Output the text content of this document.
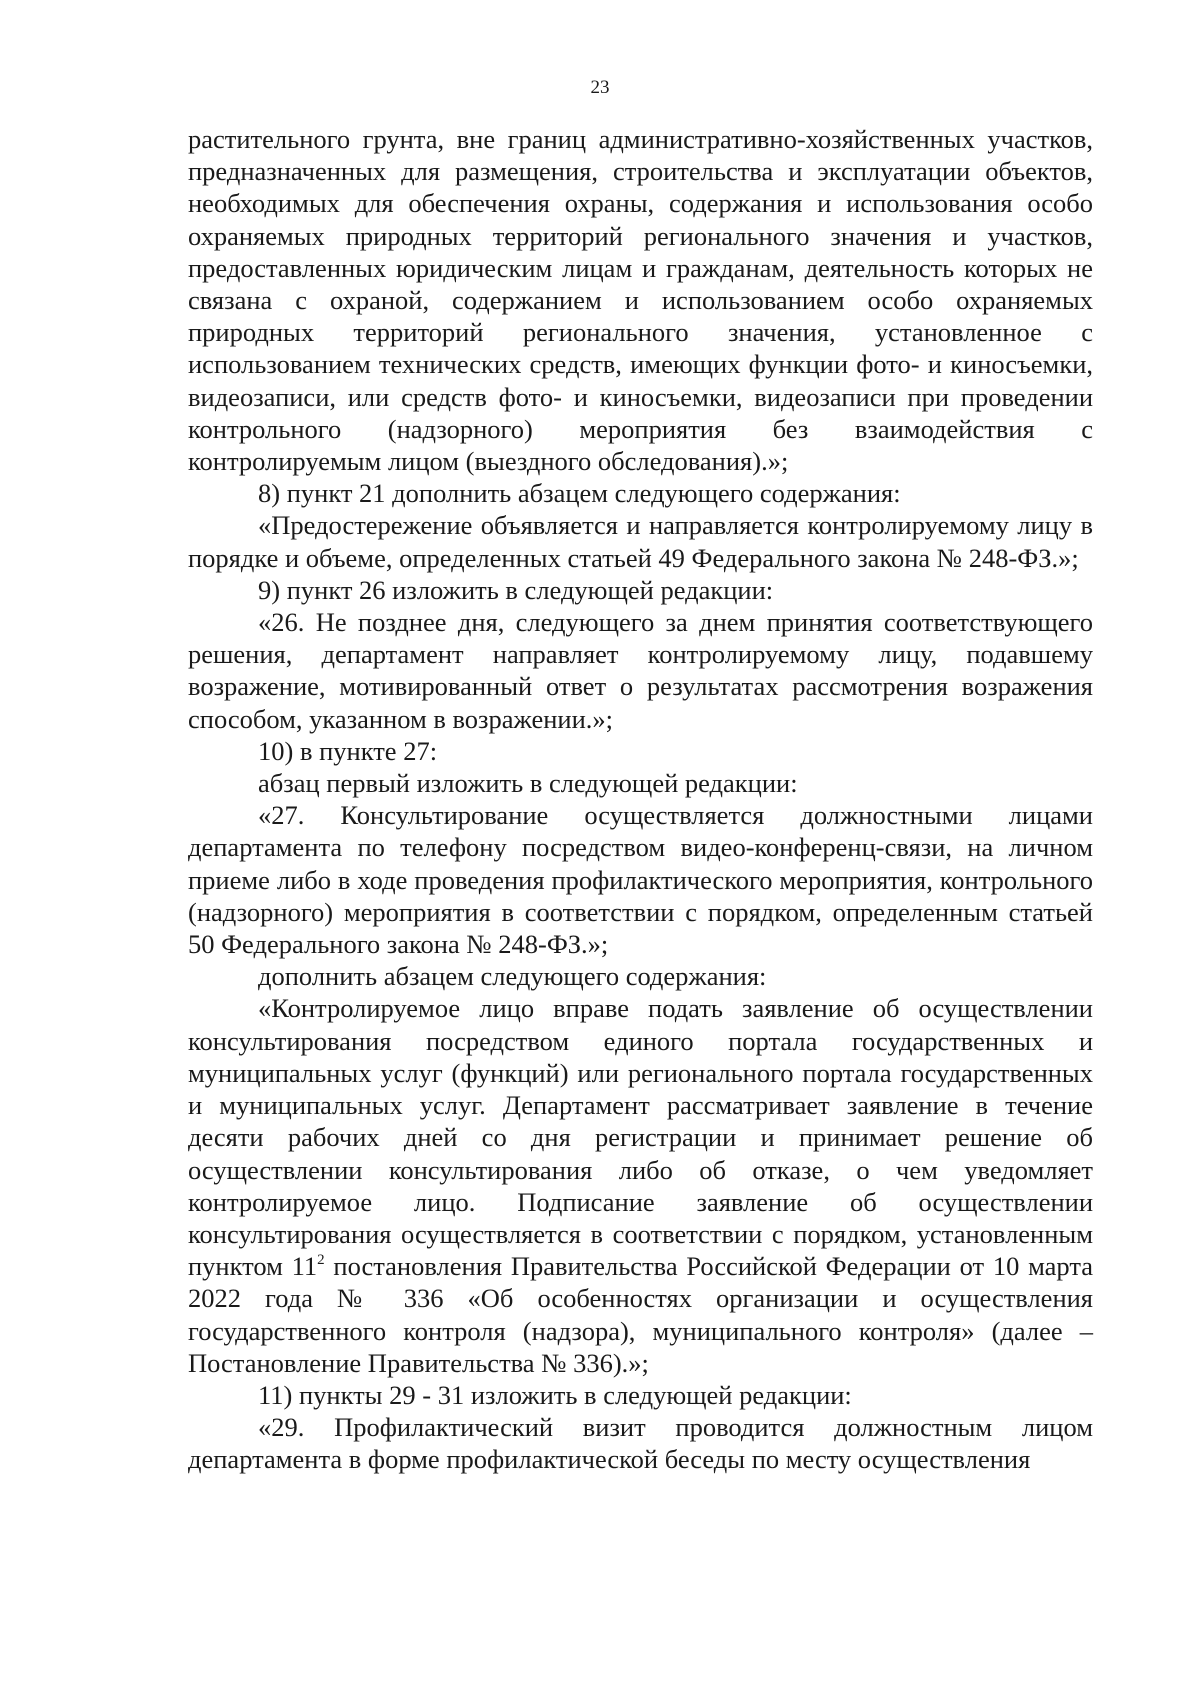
23

растительного грунта, вне границ административно-хозяйственных участков, предназначенных для размещения, строительства и эксплуатации объектов, необходимых для обеспечения охраны, содержания и использования особо охраняемых природных территорий регионального значения и участков, предоставленных юридическим лицам и гражданам, деятельность которых не связана с охраной, содержанием и использованием особо охраняемых природных территорий регионального значения, установленное с использованием технических средств, имеющих функции фото- и киносъемки, видеозаписи, или средств фото- и киносъемки, видеозаписи при проведении контрольного (надзорного) мероприятия без взаимодействия с контролируемым лицом (выездного обследования).»;

8) пункт 21 дополнить абзацем следующего содержания:

«Предостережение объявляется и направляется контролируемому лицу в порядке и объеме, определенных статьей 49 Федерального закона № 248-ФЗ.»;

9) пункт 26 изложить в следующей редакции:

«26. Не позднее дня, следующего за днем принятия соответствующего решения, департамент направляет контролируемому лицу, подавшему возражение, мотивированный ответ о результатах рассмотрения возражения способом, указанном в возражении.»;

10) в пункте 27:

абзац первый изложить в следующей редакции:

«27. Консультирование осуществляется должностными лицами департамента по телефону посредством видео-конференц-связи, на личном приеме либо в ходе проведения профилактического мероприятия, контрольного (надзорного) мероприятия в соответствии с порядком, определенным статьей 50 Федерального закона № 248-ФЗ.»;

дополнить абзацем следующего содержания:

«Контролируемое лицо вправе подать заявление об осуществлении консультирования посредством единого портала государственных и муниципальных услуг (функций) или регионального портала государственных и муниципальных услуг. Департамент рассматривает заявление в течение десяти рабочих дней со дня регистрации и принимает решение об осуществлении консультирования либо об отказе, о чем уведомляет контролируемое лицо. Подписание заявление об осуществлении консультирования осуществляется в соответствии с порядком, установленным пунктом $11^2$ постановления Правительства Российской Федерации от 10 марта 2022 года № 336 «Об особенностях организации и осуществления государственного контроля (надзора), муниципального контроля» (далее – Постановление Правительства № 336).»;

11) пункты 29 - 31 изложить в следующей редакции:

«29. Профилактический визит проводится должностным лицом департамента в форме профилактической беседы по месту осуществления
